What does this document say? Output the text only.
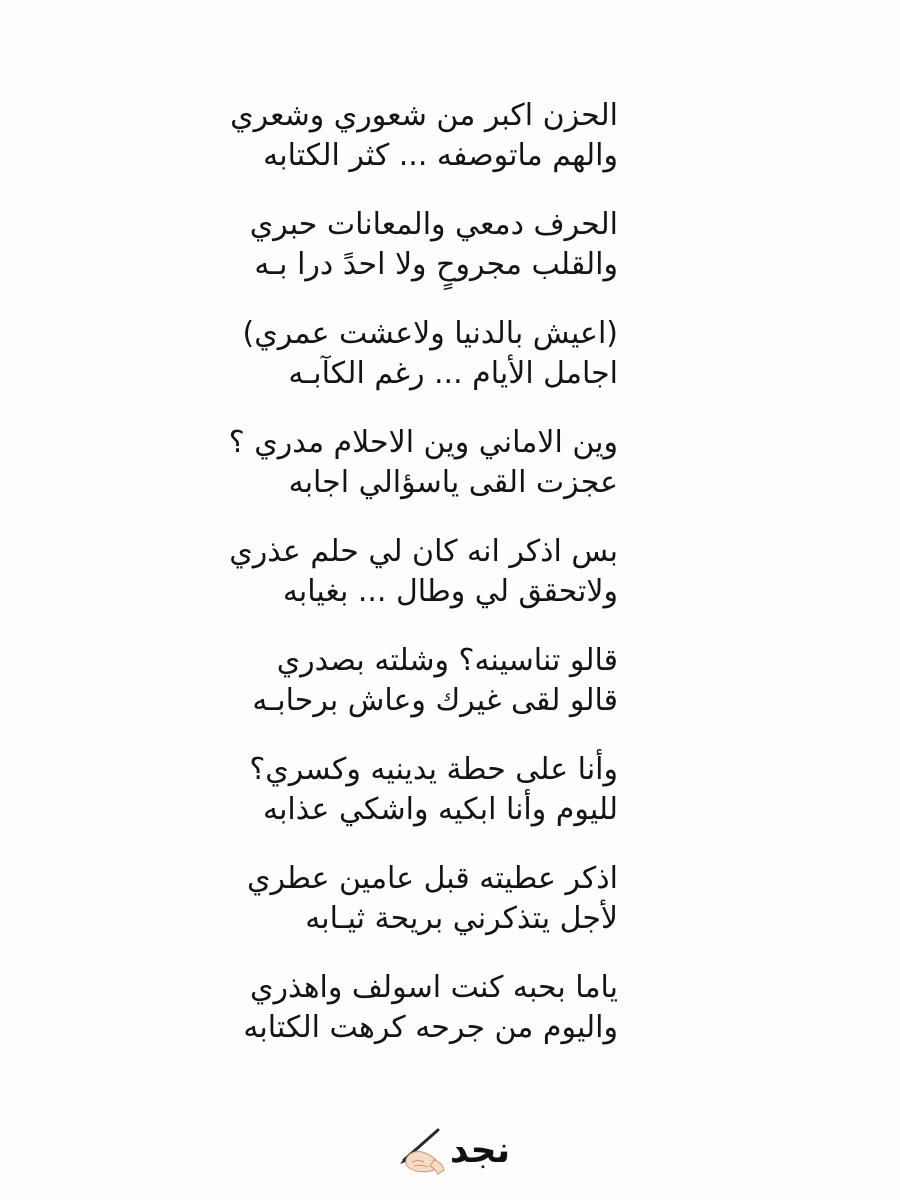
الحزن اكبر من شعوري وشعري
والهم ماتوصفه ... كثر الكتابه
الحرف دمعي والمعانات حبري
والقلب مجروحٍ ولا احدً درا بـه
(اعيش بالدنيا ولاعشت عمري)
اجامل الأيام ... رغم الكآبـه
وين الاماني وين الاحلام مدري ؟
عجزت القى ياسؤالي اجابه
بس اذكر انه كان لي حلم عذري
ولاتحقق لي وطال ... بغيابه
قالو تناسينه؟ وشلته بصدري
قالو لقى غيرك وعاش برحابـه
وأنا على حطة يدينيه وكسري؟
لليوم وأنا ابكيه واشكي عذابه
اذكر عطيته قبل عامين عطري
لأجل يتذكرني بريحة ثيـابه
ياما بحبه كنت اسولف واهذري
واليوم من جرحه كرهت الكتابه
نجد
